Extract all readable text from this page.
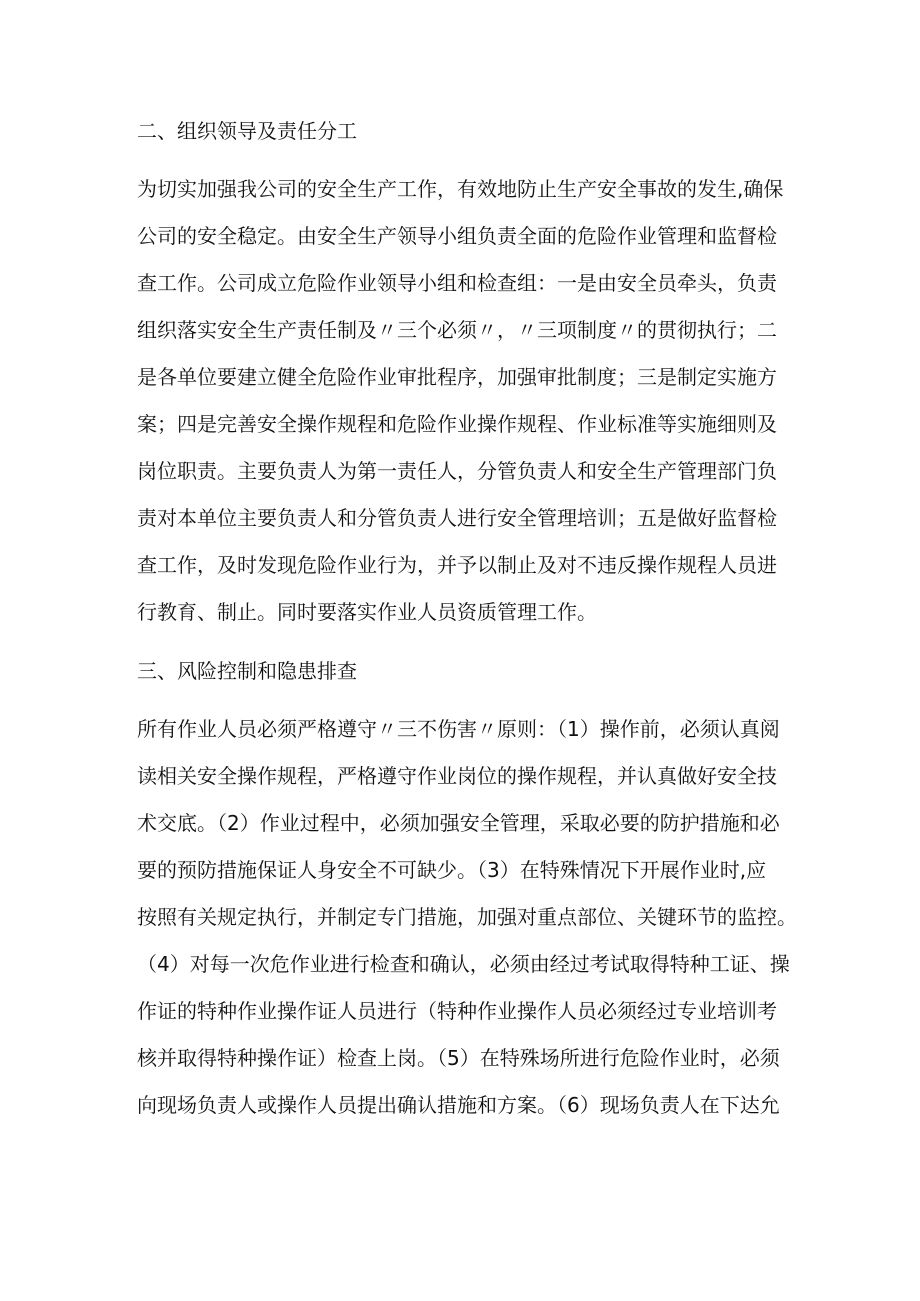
二、组织领导及责任分工
为切实加强我公司的安全生产工作，有效地防止生产安全事故的发生,确保
公司的安全稳定。由安全生产领导小组负责全面的危险作业管理和监督检
查工作。公司成立危险作业领导小组和检查组：一是由安全员牵头，负责
组织落实安全生产责任制及〃三个必须〃，〃三项制度〃的贯彻执行；二
是各单位要建立健全危险作业审批程序，加强审批制度；三是制定实施方
案；四是完善安全操作规程和危险作业操作规程、作业标准等实施细则及
岗位职责。主要负责人为第一责任人，分管负责人和安全生产管理部门负
责对本单位主要负责人和分管负责人进行安全管理培训；五是做好监督检
查工作，及时发现危险作业行为，并予以制止及对不违反操作规程人员进
行教育、制止。同时要落实作业人员资质管理工作。
三、风险控制和隐患排查
所有作业人员必须严格遵守〃三不伤害〃原则：（1）操作前，必须认真阅
读相关安全操作规程，严格遵守作业岗位的操作规程，并认真做好安全技
术交底。（2）作业过程中，必须加强安全管理，采取必要的防护措施和必
要的预防措施保证人身安全不可缺少。（3）在特殊情况下开展作业时,应
按照有关规定执行，并制定专门措施，加强对重点部位、关键环节的监控。
（4）对每一次危作业进行检查和确认，必须由经过考试取得特种工证、操
作证的特种作业操作证人员进行（特种作业操作人员必须经过专业培训考
核并取得特种操作证）检查上岗。（5）在特殊场所进行危险作业时，必须
向现场负责人或操作人员提出确认措施和方案。（6）现场负责人在下达允
